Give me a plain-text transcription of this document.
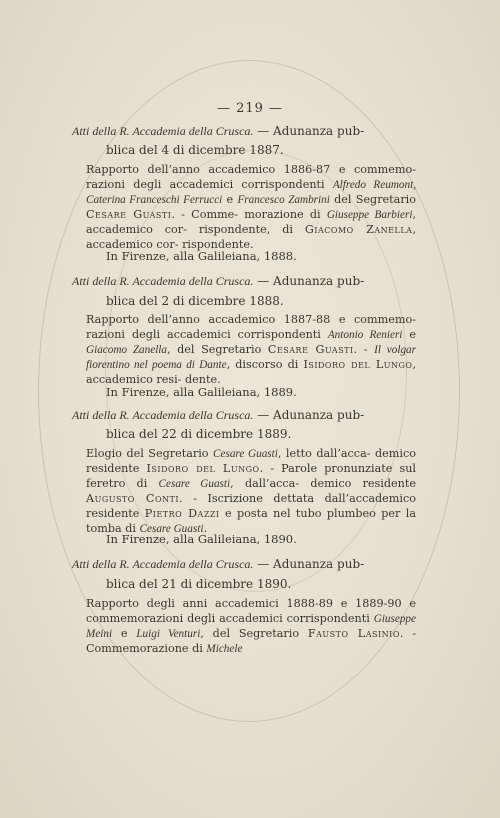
— 219 —
Atti della R. Accademia della Crusca. — Adunanza pub-
blica del 4 di dicembre 1887.
Rapporto dell’anno accademico 1886-87 e commemo- razioni degli accademici corrispondenti Alfredo Reumont, Caterina Franceschi Ferrucci e Francesco Zambrini del Segretario Cesare Guasti. - Comme- morazione di Giuseppe Barbieri, accademico cor- rispondente, di Giacomo Zanella, accademico cor- rispondente.
In Firenze, alla Galileiana, 1888.
Atti della R. Accademia della Crusca. — Adunanza pub-
blica del 2 di dicembre 1888.
Rapporto dell’anno accademico 1887-88 e commemo- razioni degli accademici corrispondenti Antonio Renieri e Giacomo Zanella, del Segretario Cesare Guasti. - Il volgar fiorentino nel poema di Dante, discorso di Isidoro del Lungo, accademico resi- dente.
In Firenze, alla Galileiana, 1889.
Atti della R. Accademia della Crusca. — Adunanza pub-
blica del 22 di dicembre 1889.
Elogio del Segretario Cesare Guasti, letto dall’acca- demico residente Isidoro del Lungo. - Parole pronunziate sul feretro di Cesare Guasti, dall’acca- demico residente Augusto Conti. - Iscrizione dettata dall’accademico residente Pietro Dazzi e posta nel tubo plumbeo per la tomba di Cesare Guasti.
In Firenze, alla Galileiana, 1890.
Atti della R. Accademia della Crusca. — Adunanza pub-
blica del 21 di dicembre 1890.
Rapporto degli anni accademici 1888-89 e 1889-90 e commemorazioni degli accademici corrispondenti Giuseppe Meini e Luigi Venturi, del Segretario Fausto Lasinio. - Commemorazione di Michele
